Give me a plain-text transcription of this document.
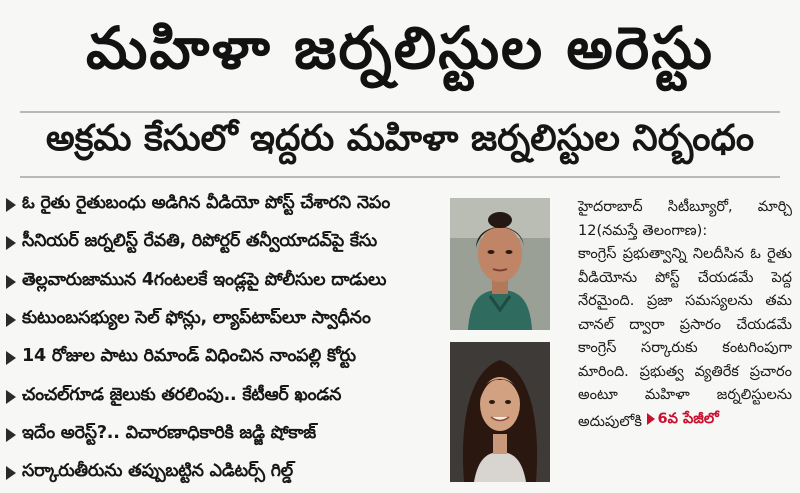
మహిళా జర్నలిస్టుల అరెస్టు
అక్రమ కేసులో ఇద్దరు మహిళా జర్నలిస్టుల నిర్బంధం
ఓ రైతు రైతుబంధు అడిగిన వీడియో పోస్ట్ చేశారని నెపం
సీనియర్ జర్నలిస్ట్ రేవతి, రిపోర్టర్ తన్వీయాదవ్‌పై కేసు
తెల్లవారుజామున 4గంటలకే ఇండ్లపై పోలీసుల దాడులు
కుటుంబసభ్యుల సెల్ ఫోన్లు, ల్యాప్‌టాప్‌లూ స్వాధీనం
14 రోజుల పాటు రిమాండ్ విధించిన నాంపల్లి కోర్టు
చంచల్‌గూడ జైలుకు తరలింపు.. కేటీఆర్ ఖండన
ఇదేం అరెస్ట్?.. విచారణాధికారికి జడ్జి షోకాజ్
సర్కారుతీరును తప్పుబట్టిన ఎడిటర్స్ గిల్డ్

హైదరాబాద్ సిటీబ్యూరో, మార్చి 12(నమస్తే తెలంగాణ):

కాంగ్రెస్ ప్రభుత్వాన్ని నిలదీసిన ఓ రైతు వీడియోను పోస్ట్ చేయడమే పెద్ద నేరమైంది. ప్రజా సమస్యలను తమ చానల్ ద్వారా ప్రసారం చేయడమే కాంగ్రెస్ సర్కారుకు కంటగింపుగా మారింది. ప్రభుత్వ వ్యతిరేక ప్రచారం అంటూ మహిళా జర్నలిస్టులను అదుపులోకి 6వ పేజీలో
